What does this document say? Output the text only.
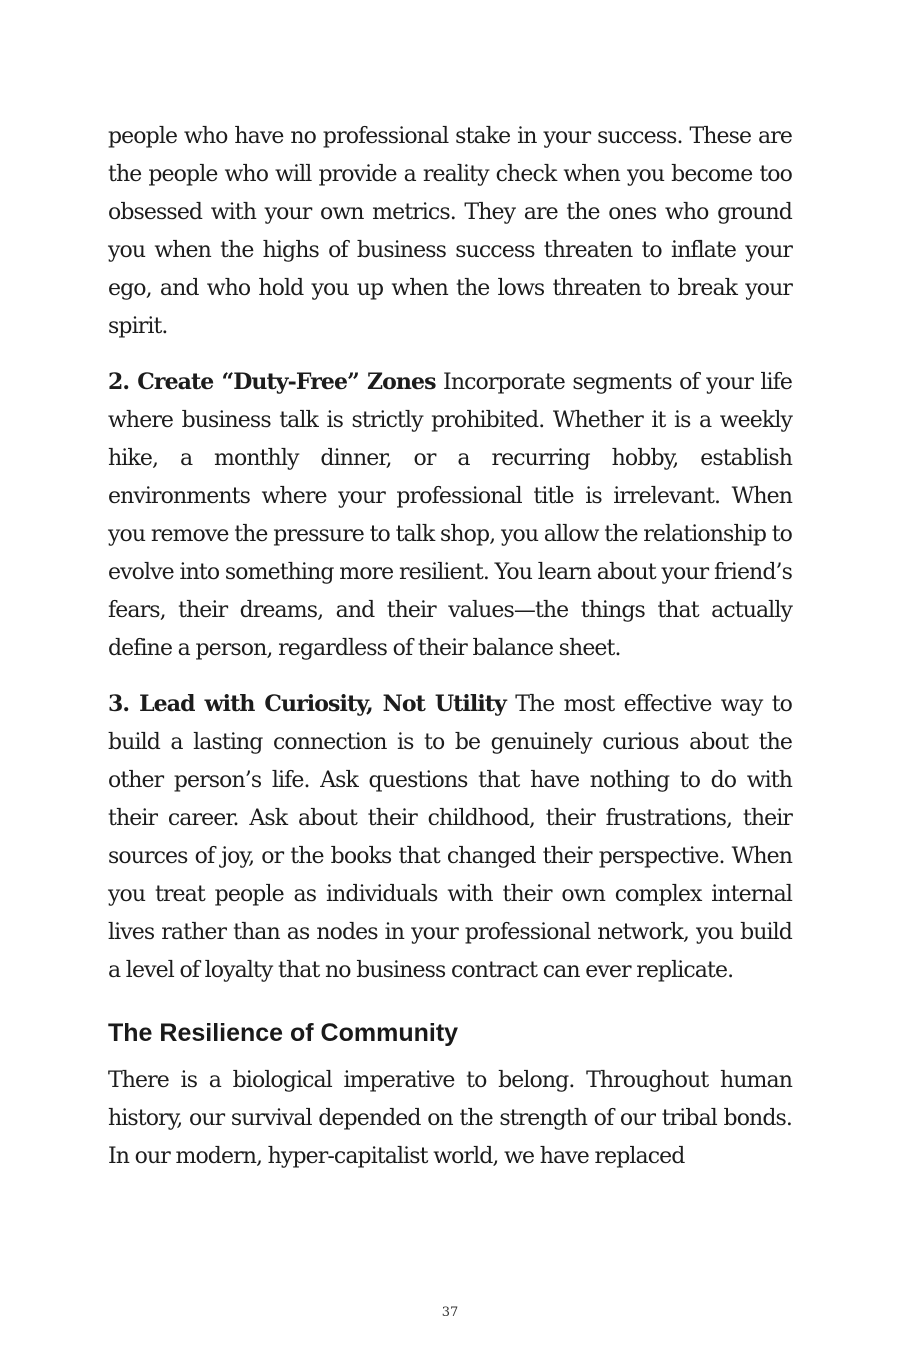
people who have no professional stake in your success. These are the people who will provide a reality check when you become too obsessed with your own metrics. They are the ones who ground you when the highs of business success threaten to inflate your ego, and who hold you up when the lows threaten to break your spirit.

2. Create “Duty-Free” Zones Incorporate segments of your life where business talk is strictly prohibited. Whether it is a weekly hike, a monthly dinner, or a recurring hobby, establish environments where your professional title is irrelevant. When you remove the pressure to talk shop, you allow the relationship to evolve into something more resilient. You learn about your friend’s fears, their dreams, and their values—the things that actually define a person, regardless of their balance sheet.

3. Lead with Curiosity, Not Utility The most effective way to build a lasting connection is to be genuinely curious about the other person’s life. Ask questions that have nothing to do with their career. Ask about their childhood, their frustrations, their sources of joy, or the books that changed their perspective. When you treat people as individuals with their own complex internal lives rather than as nodes in your professional network, you build a level of loyalty that no business contract can ever replicate.

The Resilience of Community

There is a biological imperative to belong. Throughout human history, our survival depended on the strength of our tribal bonds. In our modern, hyper-capitalist world, we have replaced

37
